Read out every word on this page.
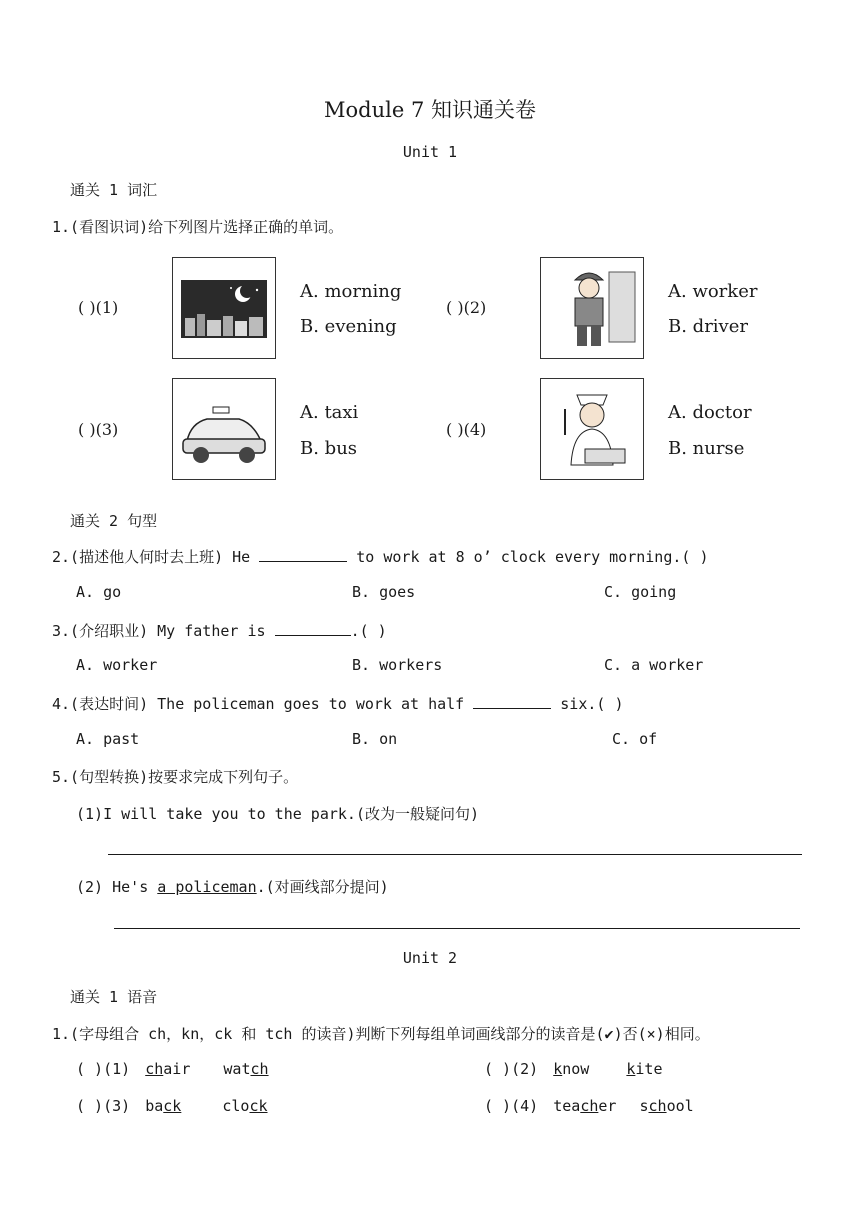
Module 7 知识通关卷
Unit 1
通关 1 词汇
1.(看图识词)给下列图片选择正确的单词。
( )(1)
A. morning
B. evening
( )(2)
A. worker
B. driver
( )(3)
A. taxi
B. bus
( )(4)
A. doctor
B. nurse
通关 2 句型
2.(描述他人何时去上班) He	to work at 8 o’ clock every morning.( )
A. go	B. goes	C. going
3.(介绍职业) My father is	.( )
A. worker	B. workers	C. a worker
4.(表达时间) The policeman goes to work at half	six.( )
A. past	B. on	C. of
5.(句型转换)按要求完成下列句子。
(1)I will take you to the park.(改为一般疑问句)
(2) He's a policeman.(对画线部分提问)
Unit 2
通关 1 语音
1.(字母组合 ch，kn，ck 和 tch 的读音)判断下列每组单词画线部分的读音是(✔)否(×)相同。
( )(1) chair watch	( )(2) know kite
( )(3) back	clock	( )(4) teacher school
